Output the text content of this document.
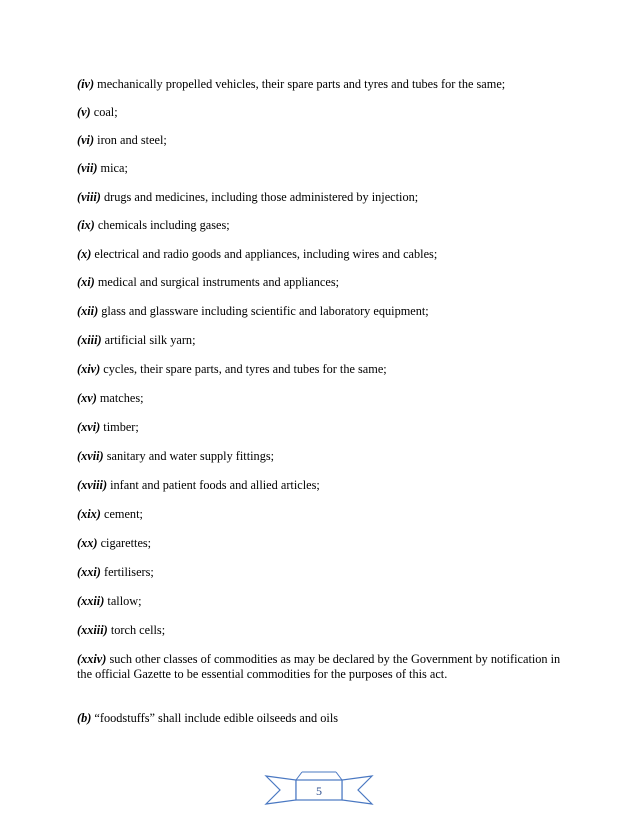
(iv) mechanically propelled vehicles, their spare parts and tyres and tubes for the same;
(v) coal;
(vi) iron and steel;
(vii) mica;
(viii) drugs and medicines, including those administered by injection;
(ix) chemicals including gases;
(x) electrical and radio goods and appliances, including wires and cables;
(xi) medical and surgical instruments and appliances;
(xii) glass and glassware including scientific and laboratory equipment;
(xiii) artificial silk yarn;
(xiv) cycles, their spare parts, and tyres and tubes for the same;
(xv) matches;
(xvi) timber;
(xvii) sanitary and water supply fittings;
(xviii) infant and patient foods and allied articles;
(xix) cement;
(xx) cigarettes;
(xxi) fertilisers;
(xxii) tallow;
(xxiii) torch cells;
(xxiv) such other classes of commodities as may be declared by the Government by notification in the official Gazette to be essential commodities for the purposes of this act.
(b) “foodstuffs” shall include edible oilseeds and oils
5
